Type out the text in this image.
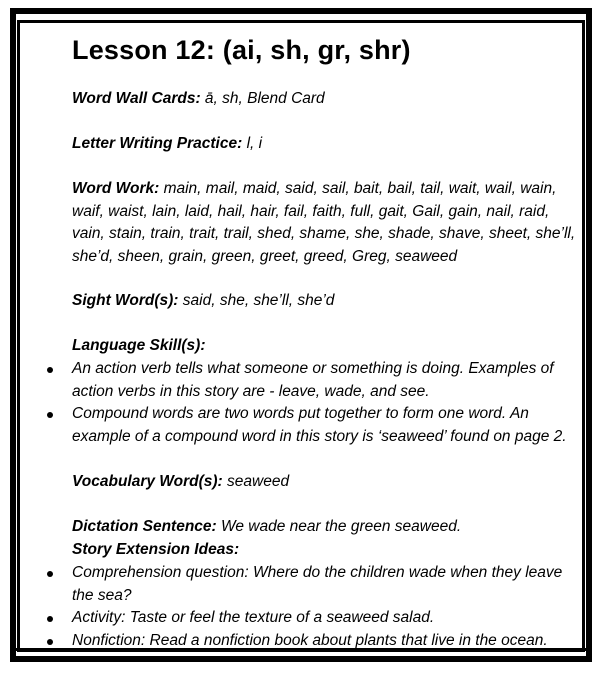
Lesson 12: (ai, sh, gr, shr)
Word Wall Cards: ā, sh, Blend Card
Letter Writing Practice: l, i
Word Work: main, mail, maid, said, sail, bait, bail, tail, wait, wail, wain, waif, waist, lain, laid, hail, hair, fail, faith, full, gait, Gail, gain, nail, raid, vain, stain, train, trait, trail, shed, shame, she, shade, shave, sheet, she’ll, she’d, sheen, grain, green, greet, greed, Greg, seaweed
Sight Word(s): said, she, she’ll, she’d
Language Skill(s):
An action verb tells what someone or something is doing. Examples of action verbs in this story are - leave, wade, and see.
Compound words are two words put together to form one word. An example of a compound word in this story is ‘seaweed’ found on page 2.
Vocabulary Word(s): seaweed
Dictation Sentence: We wade near the green seaweed.
Story Extension Ideas:
Comprehension question: Where do the children wade when they leave the sea?
Activity: Taste or feel the texture of a seaweed salad.
Nonfiction: Read a nonfiction book about plants that live in the ocean.
